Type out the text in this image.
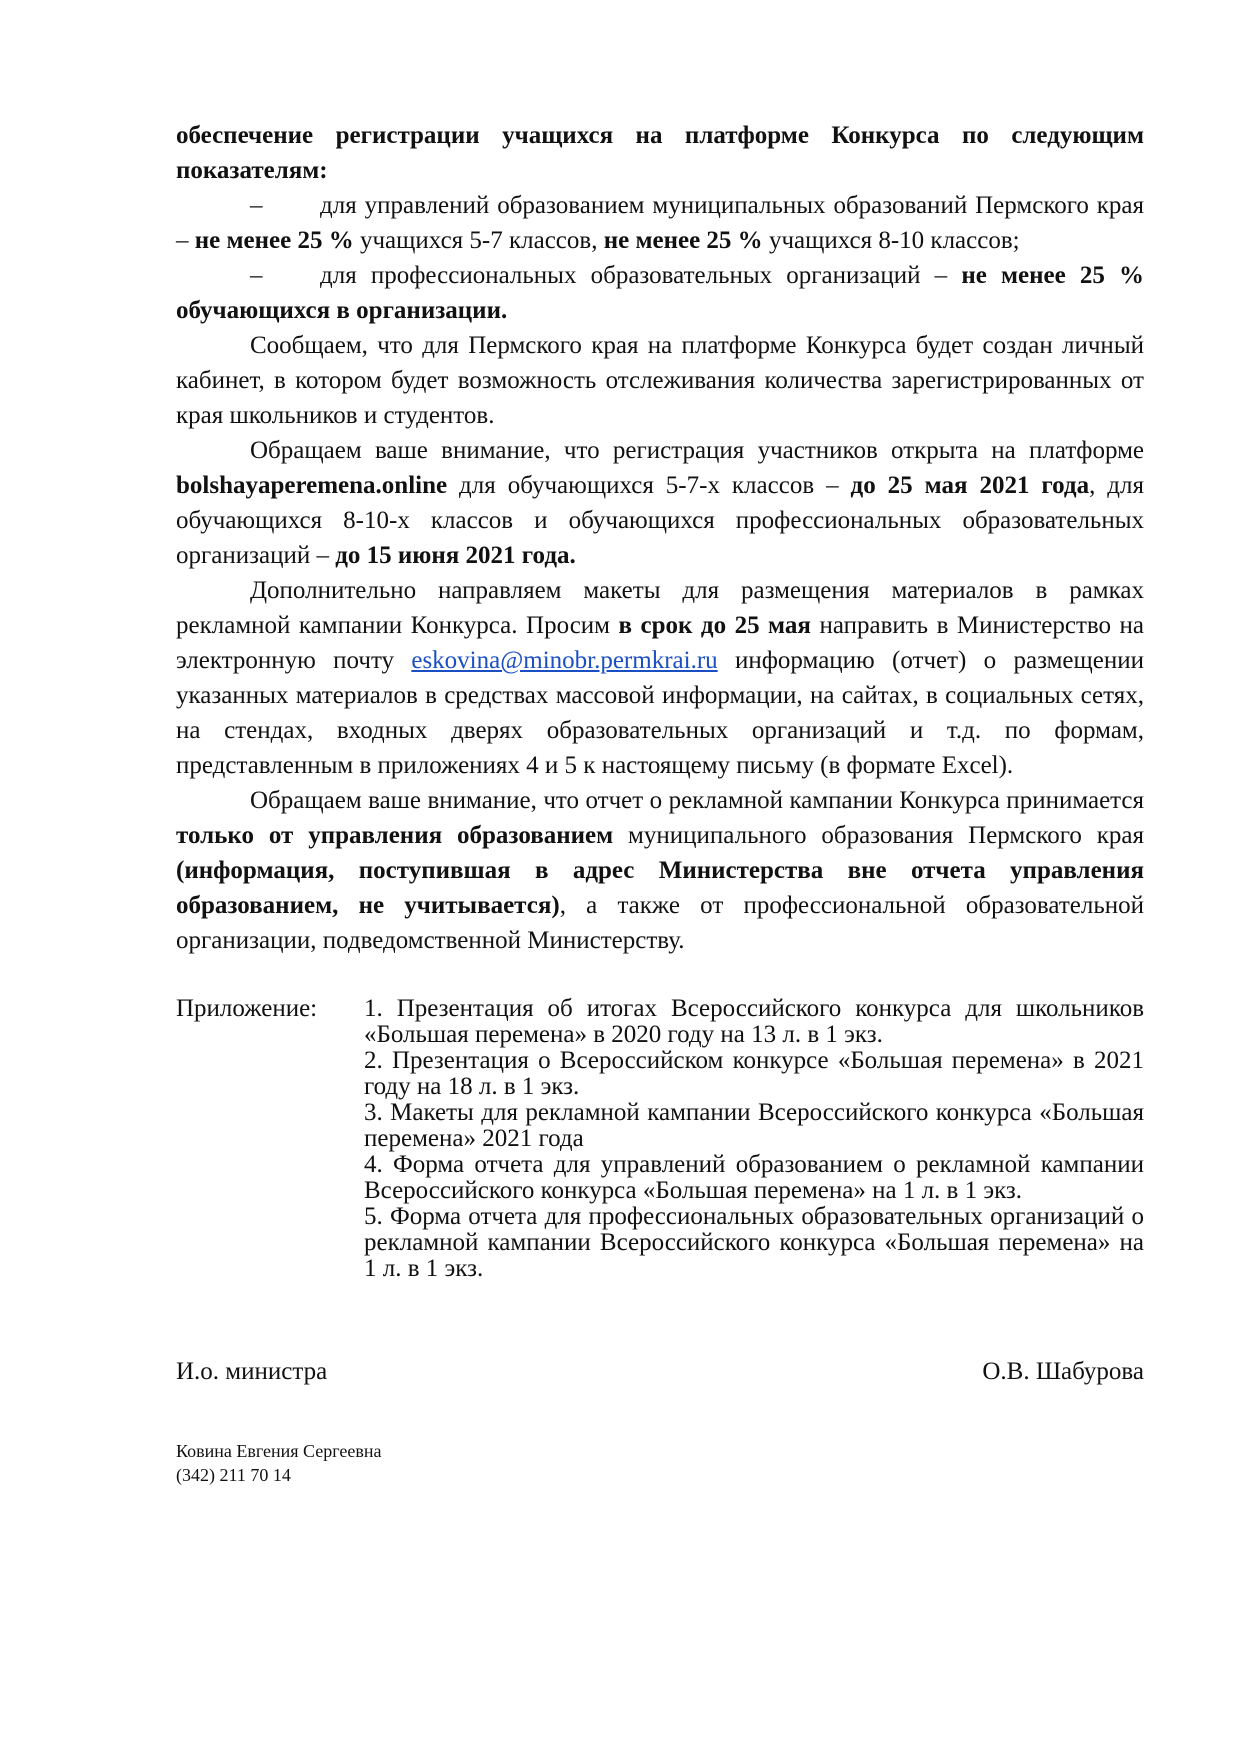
обеспечение регистрации учащихся на платформе Конкурса по следующим показателям:

– для управлений образованием муниципальных образований Пермского края – не менее 25 % учащихся 5-7 классов, не менее 25 % учащихся 8-10 классов;

– для профессиональных образовательных организаций – не менее 25 % обучающихся в организации.

Сообщаем, что для Пермского края на платформе Конкурса будет создан личный кабинет, в котором будет возможность отслеживания количества зарегистрированных от края школьников и студентов.

Обращаем ваше внимание, что регистрация участников открыта на платформе bolshayaperemena.online для обучающихся 5-7-х классов – до 25 мая 2021 года, для обучающихся 8-10-х классов и обучающихся профессиональных образовательных организаций – до 15 июня 2021 года.

Дополнительно направляем макеты для размещения материалов в рамках рекламной кампании Конкурса. Просим в срок до 25 мая направить в Министерство на электронную почту eskovina@minobr.permkrai.ru информацию (отчет) о размещении указанных материалов в средствах массовой информации, на сайтах, в социальных сетях, на стендах, входных дверях образовательных организаций и т.д. по формам, представленным в приложениях 4 и 5 к настоящему письму (в формате Excel).

Обращаем ваше внимание, что отчет о рекламной кампании Конкурса принимается только от управления образованием муниципального образования Пермского края (информация, поступившая в адрес Министерства вне отчета управления образованием, не учитывается), а также от профессиональной образовательной организации, подведомственной Министерству.

Приложение:	1. Презентация об итогах Всероссийского конкурса для школьников «Большая перемена» в 2020 году на 13 л. в 1 экз.

2. Презентация о Всероссийском конкурсе «Большая перемена» в 2021 году на 18 л. в 1 экз.

3. Макеты для рекламной кампании Всероссийского конкурса «Большая перемена» 2021 года

4. Форма отчета для управлений образованием о рекламной кампании Всероссийского конкурса «Большая перемена» на 1 л. в 1 экз.

5. Форма отчета для профессиональных образовательных организаций о рекламной кампании Всероссийского конкурса «Большая перемена» на 1 л. в 1 экз.

И.о. министра	О.В. Шабурова
Ковина Евгения Сергеевна
(342) 211 70 14
